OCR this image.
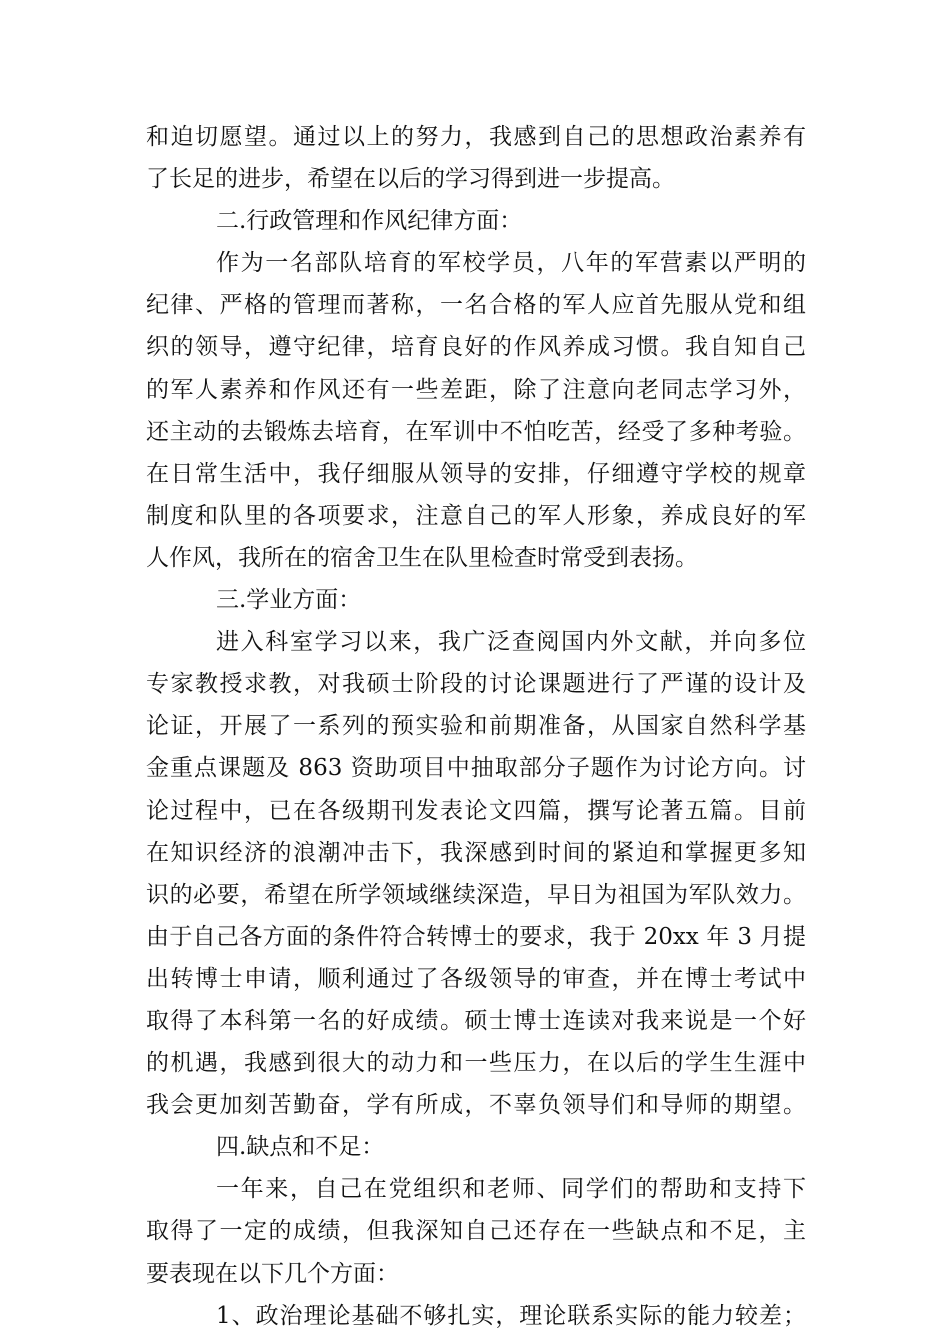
和迫切愿望。通过以上的努力，我感到自己的思想政治素养有
了长足的进步，希望在以后的学习得到进一步提高。
二.行政管理和作风纪律方面：
作为一名部队培育的军校学员，八年的军营素以严明的
纪律、严格的管理而著称，一名合格的军人应首先服从党和组
织的领导，遵守纪律，培育良好的作风养成习惯。我自知自己
的军人素养和作风还有一些差距，除了注意向老同志学习外，
还主动的去锻炼去培育，在军训中不怕吃苦，经受了多种考验。
在日常生活中，我仔细服从领导的安排，仔细遵守学校的规章
制度和队里的各项要求，注意自己的军人形象，养成良好的军
人作风，我所在的宿舍卫生在队里检查时常受到表扬。
三.学业方面：
进入科室学习以来，我广泛查阅国内外文献，并向多位
专家教授求教，对我硕士阶段的讨论课题进行了严谨的设计及
论证，开展了一系列的预实验和前期准备，从国家自然科学基
金重点课题及 863 资助项目中抽取部分子题作为讨论方向。讨
论过程中，已在各级期刊发表论文四篇，撰写论著五篇。目前
在知识经济的浪潮冲击下，我深感到时间的紧迫和掌握更多知
识的必要，希望在所学领域继续深造，早日为祖国为军队效力。
由于自己各方面的条件符合转博士的要求，我于 20xx 年 3 月提
出转博士申请，顺利通过了各级领导的审查，并在博士考试中
取得了本科第一名的好成绩。硕士博士连读对我来说是一个好
的机遇，我感到很大的动力和一些压力，在以后的学生生涯中
我会更加刻苦勤奋，学有所成，不辜负领导们和导师的期望。
四.缺点和不足：
一年来，自己在党组织和老师、同学们的帮助和支持下
取得了一定的成绩，但我深知自己还存在一些缺点和不足，主
要表现在以下几个方面：
1、政治理论基础不够扎实，理论联系实际的能力较差；
